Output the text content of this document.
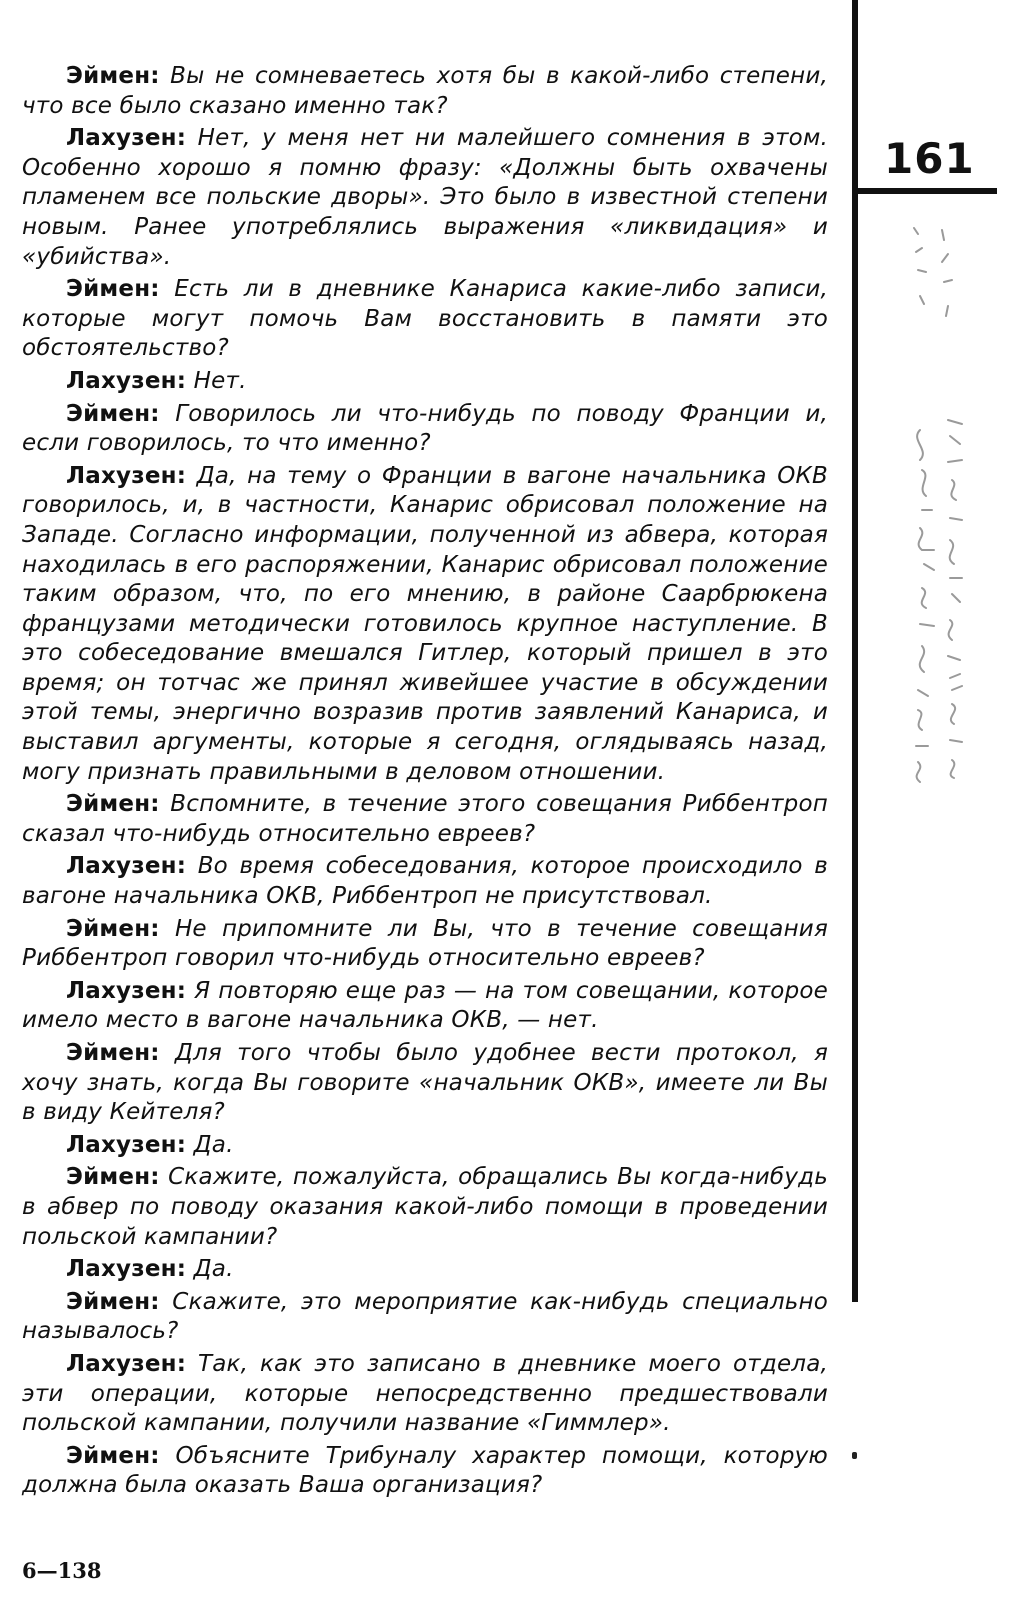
Эймен: Вы не сомневаетесь хотя бы в какой-либо степени, что все было сказано именно так?

Лахузен: Нет, у меня нет ни малейшего сомнения в этом. Особенно хорошо я помню фразу: «Должны быть охвачены пламенем все польские дворы». Это было в известной степени новым. Ранее употреблялись выражения «ликвидация» и «убийства».

Эймен: Есть ли в дневнике Канариса какие-либо записи, которые могут помочь Вам восстановить в памяти это обстоятельство?

Лахузен: Нет.

Эймен: Говорилось ли что-нибудь по поводу Франции и, если говорилось, то что именно?

Лахузен: Да, на тему о Франции в вагоне начальника ОКВ говорилось, и, в частности, Канарис обрисовал положение на Западе. Согласно информации, полученной из абвера, которая находилась в его распоряжении, Канарис обрисовал положение таким образом, что, по его мнению, в районе Саарбрюкена французами методически готовилось крупное наступление. В это собеседование вмешался Гитлер, который пришел в это время; он тотчас же принял живейшее участие в обсуждении этой темы, энергично возразив против заявлений Канариса, и выставил аргументы, которые я сегодня, оглядываясь назад, могу признать правильными в деловом отношении.

Эймен: Вспомните, в течение этого совещания Риббентроп сказал что-нибудь относительно евреев?

Лахузен: Во время собеседования, которое происходило в вагоне начальника ОКВ, Риббентроп не присутствовал.

Эймен: Не припомните ли Вы, что в течение совещания Риббентроп говорил что-нибудь относительно евреев?

Лахузен: Я повторяю еще раз — на том совещании, которое имело место в вагоне начальника ОКВ, — нет.

Эймен: Для того чтобы было удобнее вести протокол, я хочу знать, когда Вы говорите «начальник ОКВ», имеете ли Вы в виду Кейтеля?

Лахузен: Да.

Эймен: Скажите, пожалуйста, обращались Вы когда-нибудь в абвер по поводу оказания какой-либо помощи в проведении польской кампании?

Лахузен: Да.

Эймен: Скажите, это мероприятие как-нибудь специально называлось?

Лахузен: Так, как это записано в дневнике моего отдела, эти операции, которые непосредственно предшествовали польской кампании, получили название «Гиммлер».

Эймен: Объясните Трибуналу характер помощи, которую должна была оказать Ваша организация?

161
6—138
